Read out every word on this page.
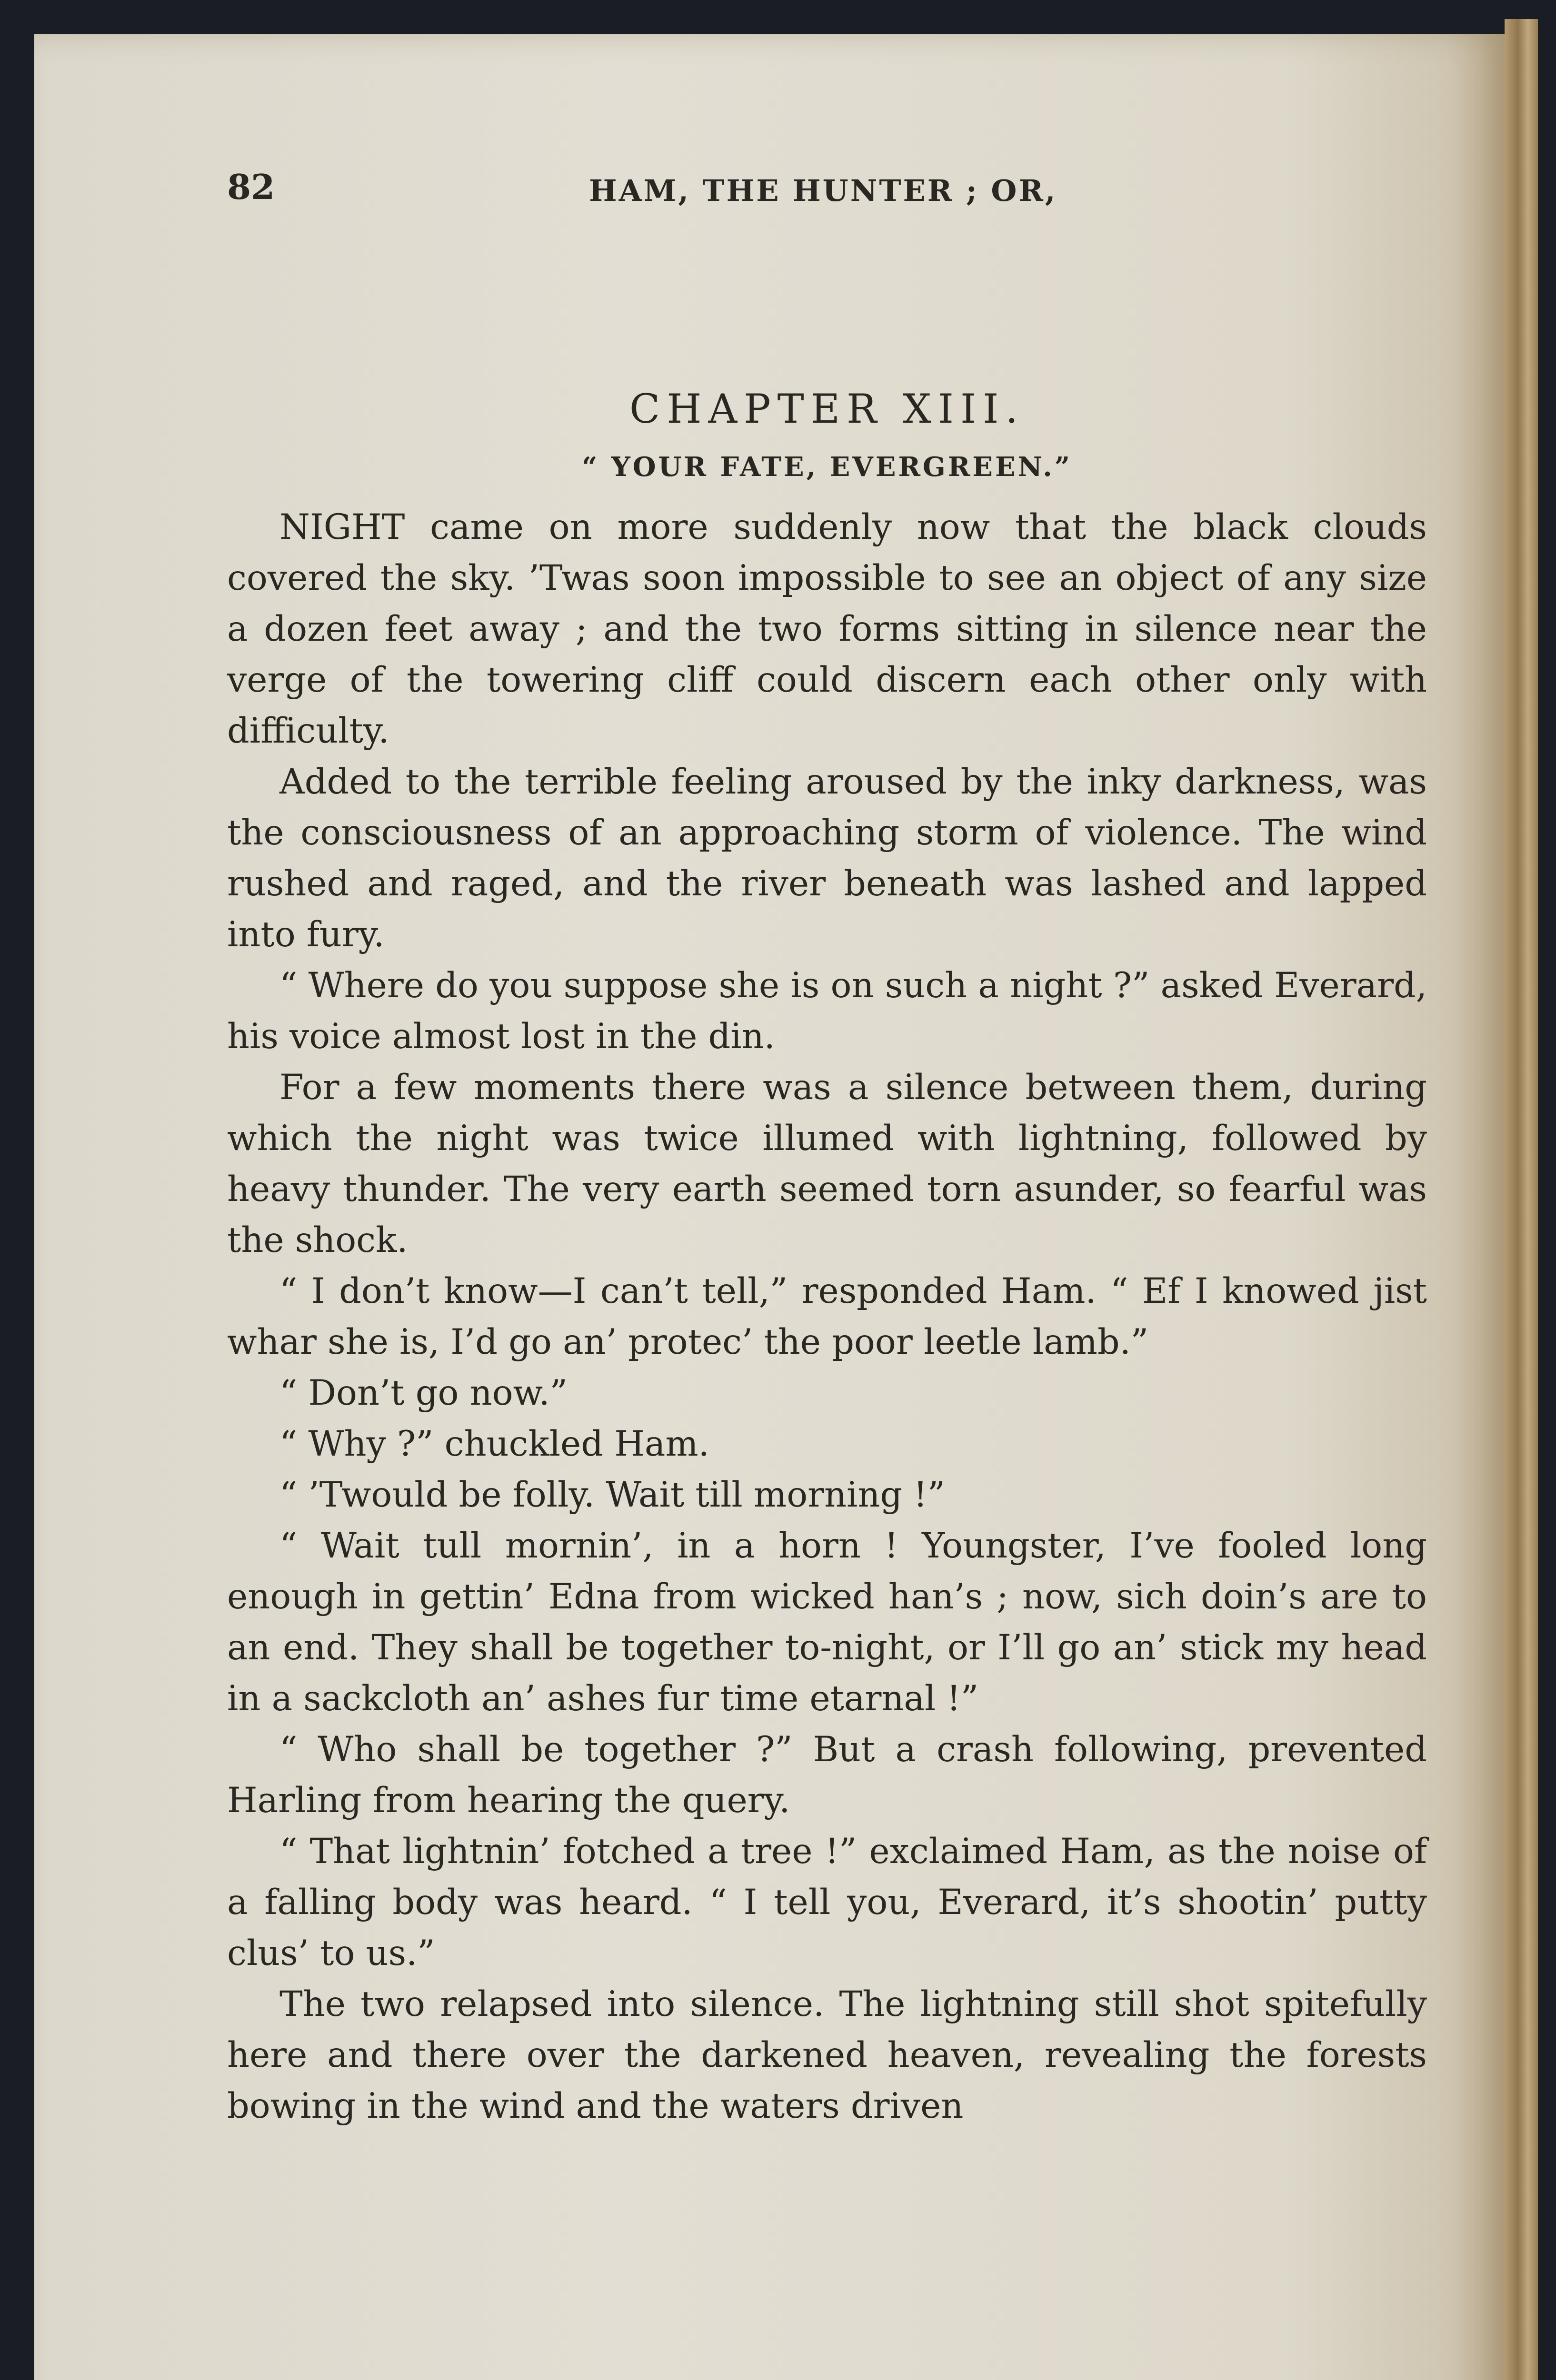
82	HAM, THE HUNTER ; OR,
CHAPTER XIII.
“ YOUR FATE, EVERGREEN.”

NIGHT came on more suddenly now that the black clouds covered the sky. ’Twas soon impossible to see an object of any size a dozen feet away ; and the two forms sitting in silence near the verge of the towering cliff could discern each other only with difficulty.

Added to the terrible feeling aroused by the inky darkness, was the consciousness of an approaching storm of violence. The wind rushed and raged, and the river beneath was lashed and lapped into fury.

“ Where do you suppose she is on such a night ?” asked Everard, his voice almost lost in the din.

For a few moments there was a silence between them, during which the night was twice illumed with lightning, followed by heavy thunder. The very earth seemed torn asunder, so fearful was the shock.

“ I don’t know—I can’t tell,” responded Ham. “ Ef I knowed jist whar she is, I’d go an’ protec’ the poor leetle lamb.”

“ Don’t go now.”

“ Why ?” chuckled Ham.

“ ’Twould be folly. Wait till morning !”

“ Wait tull mornin’, in a horn ! Youngster, I’ve fooled long enough in gettin’ Edna from wicked han’s ; now, sich doin’s are to an end. They shall be together to-night, or I’ll go an’ stick my head in a sackcloth an’ ashes fur time etarnal !”

“ Who shall be together ?” But a crash following, prevented Harling from hearing the query.

“ That lightnin’ fotched a tree !” exclaimed Ham, as the noise of a falling body was heard. “ I tell you, Everard, it’s shootin’ putty clus’ to us.”

The two relapsed into silence. The lightning still shot spitefully here and there over the darkened heaven, revealing the forests bowing in the wind and the waters driven
